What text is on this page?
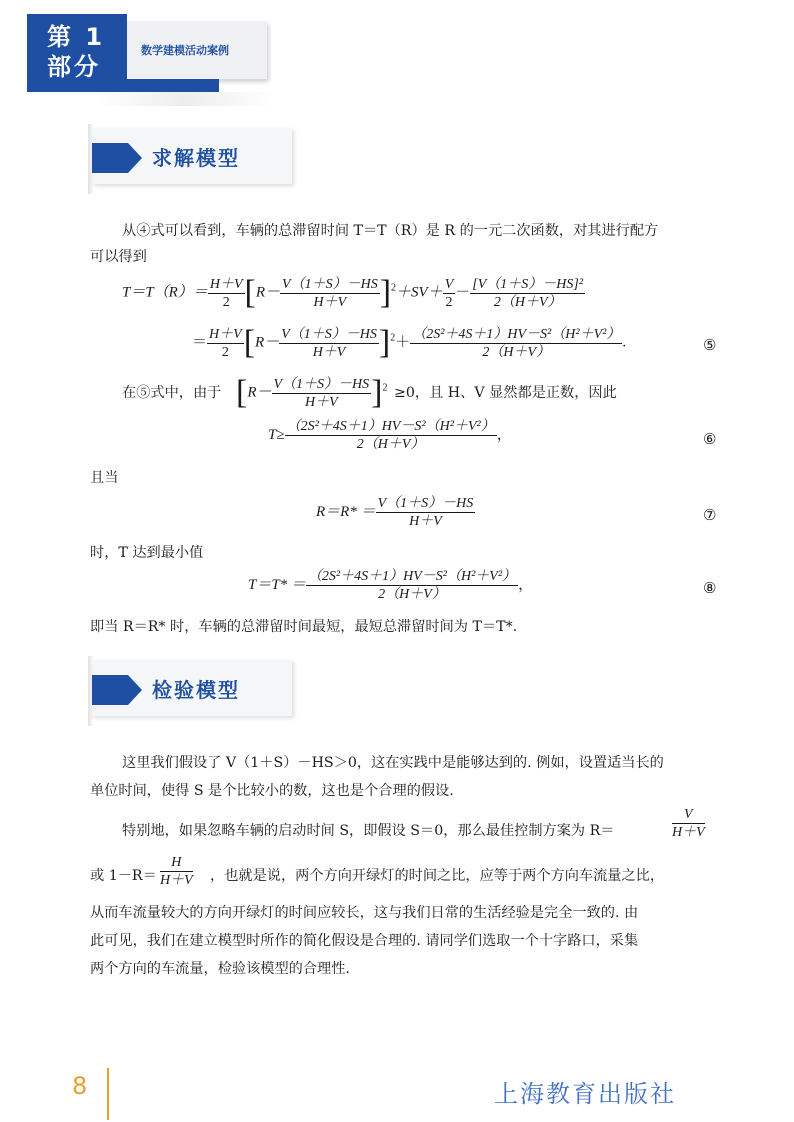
第 1
部分
数学建模活动案例
求解模型
从④式可以看到，车辆的总滞留时间 T＝T（R）是 R 的一元二次函数，对其进行配方
可以得到
$T=T(R)= \frac{H+V}{2} [R- \frac{V(1+S)-HS}{H+V} ]^2+SV+ \frac{V}{2} - \frac{\text{[V（1＋S）－HS]²}}{2(H+V)}$
＝ $\frac{H+V}{2} [R- \frac{V(1+S)-HS}{H+V} ]^2+ \frac{\text{（2S²＋4S＋1）HV－S²（H²＋V²）}}{2(H+V)}$ .	⑤
在⑤式中，由于 $[R- \frac{V(1+S)-HS}{H+V} ]^2 \ge 0$，且 H、V 显然都是正数，因此
$T\ge \frac{\text{（2S²＋4S＋1）HV－S²（H²＋V²）}}{2(H+V)}$ ，	⑥
且当
$R=R* = \frac{V(1+S)-HS}{H+V}$	⑦
时，T 达到最小值
$T=T* = \frac{\text{（2S²＋4S＋1）HV－S²（H²＋V²）}}{2(H+V)}$ ，	⑧
即当 R＝R* 时，车辆的总滞留时间最短，最短总滞留时间为 T＝T*.
检验模型
这里我们假设了 V（1＋S）－HS＞0，这在实践中是能够达到的. 例如，设置适当长的
单位时间，使得 S 是个比较小的数，这也是个合理的假设.
特别地，如果忽略车辆的启动时间 S，即假设 S＝0，那么最佳控制方案为 R＝	$\frac{V}{H+V}$
或 $1-R= \frac{H}{H+V}$ ，也就是说，两个方向开绿灯的时间之比，应等于两个方向车流量之比，
从而车流量较大的方向开绿灯的时间应较长，这与我们日常的生活经验是完全一致的. 由
此可见，我们在建立模型时所作的简化假设是合理的. 请同学们选取一个十字路口，采集
两个方向的车流量，检验该模型的合理性.
8	上海教育出版社
